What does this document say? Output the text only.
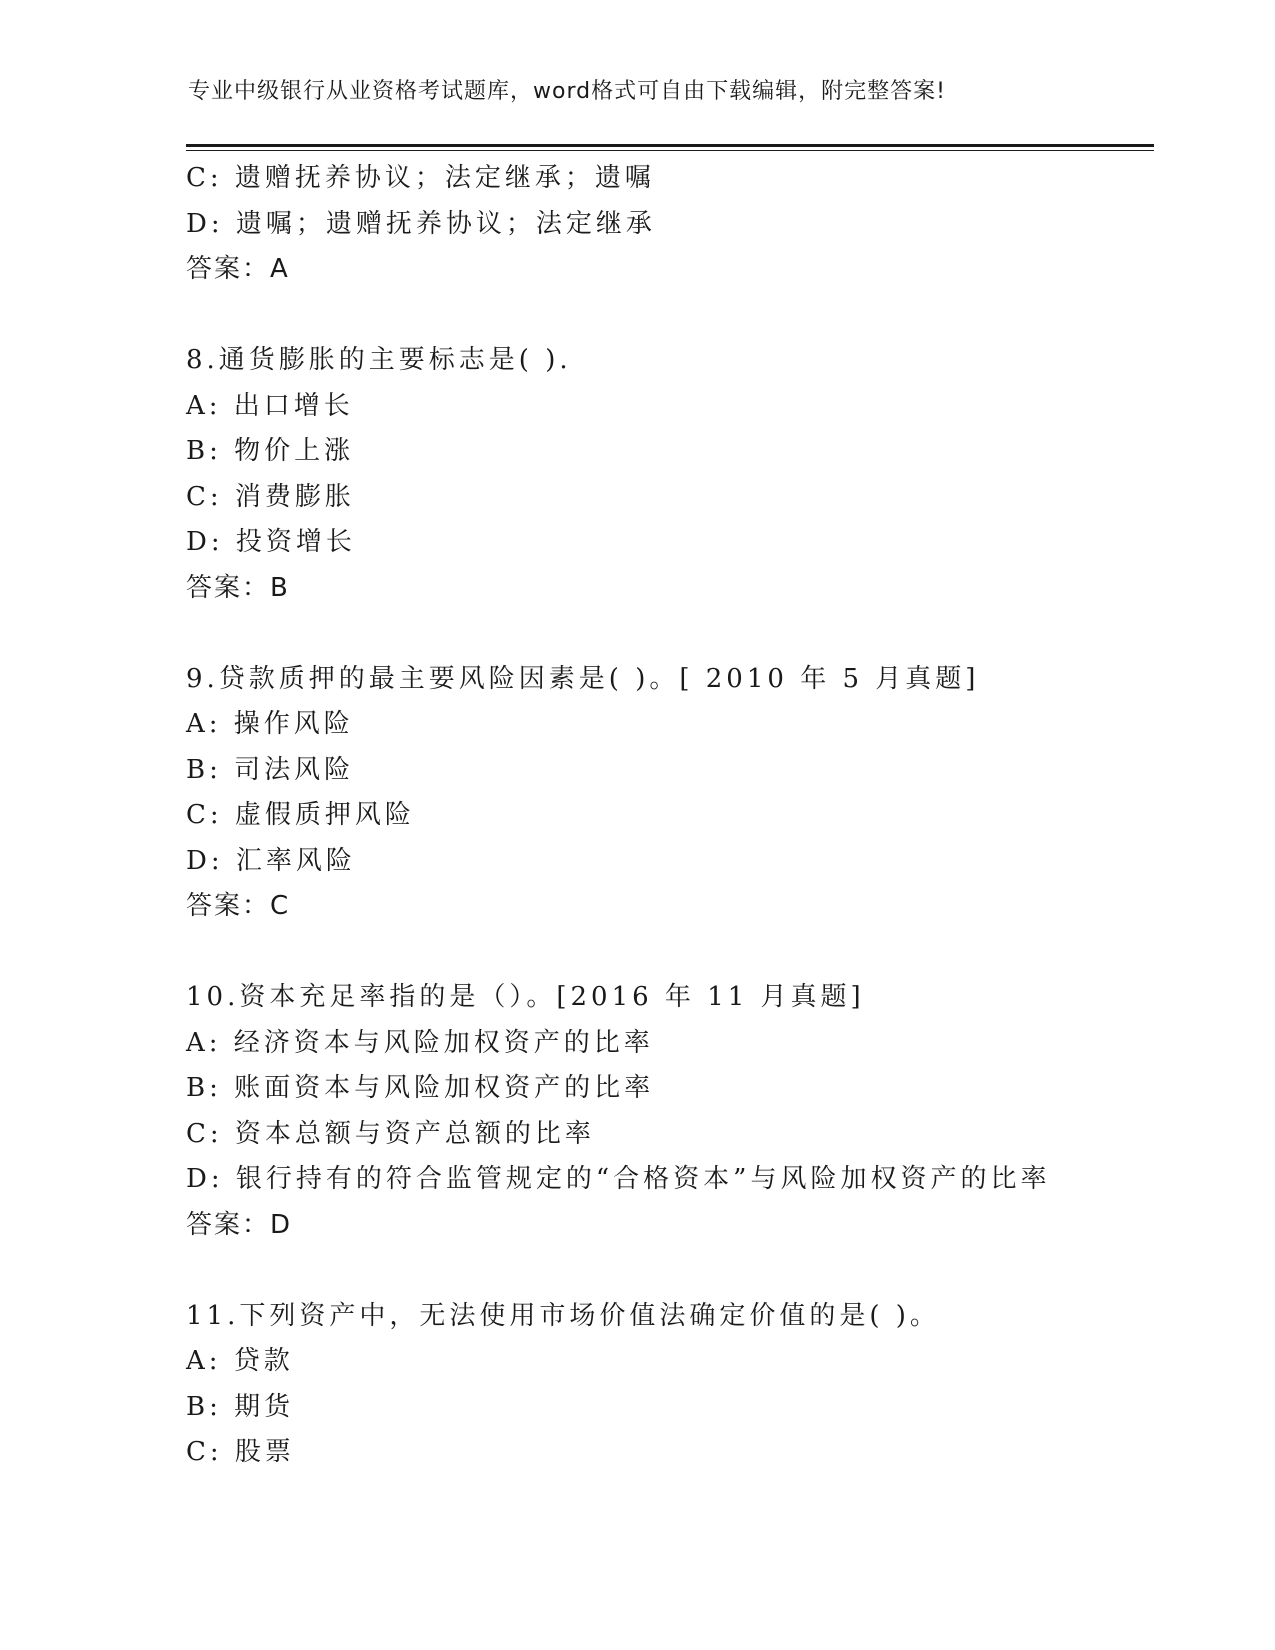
专业中级银行从业资格考试题库，word格式可自由下载编辑，附完整答案!
C: 遗赠抚养协议；法定继承；遗嘱
D: 遗嘱；遗赠抚养协议；法定继承
答案：A
8.通货膨胀的主要标志是( ).
A: 出口增长
B: 物价上涨
C: 消费膨胀
D: 投资增长
答案：B
9.贷款质押的最主要风险因素是( )。[ 2010 年 5 月真题]
A: 操作风险
B: 司法风险
C: 虚假质押风险
D: 汇率风险
答案：C
10.资本充足率指的是（）。[2016 年 11 月真题]
A: 经济资本与风险加权资产的比率
B: 账面资本与风险加权资产的比率
C: 资本总额与资产总额的比率
D: 银行持有的符合监管规定的“合格资本”与风险加权资产的比率
答案：D
11.下列资产中，无法使用市场价值法确定价值的是( )。
A: 贷款
B: 期货
C: 股票
